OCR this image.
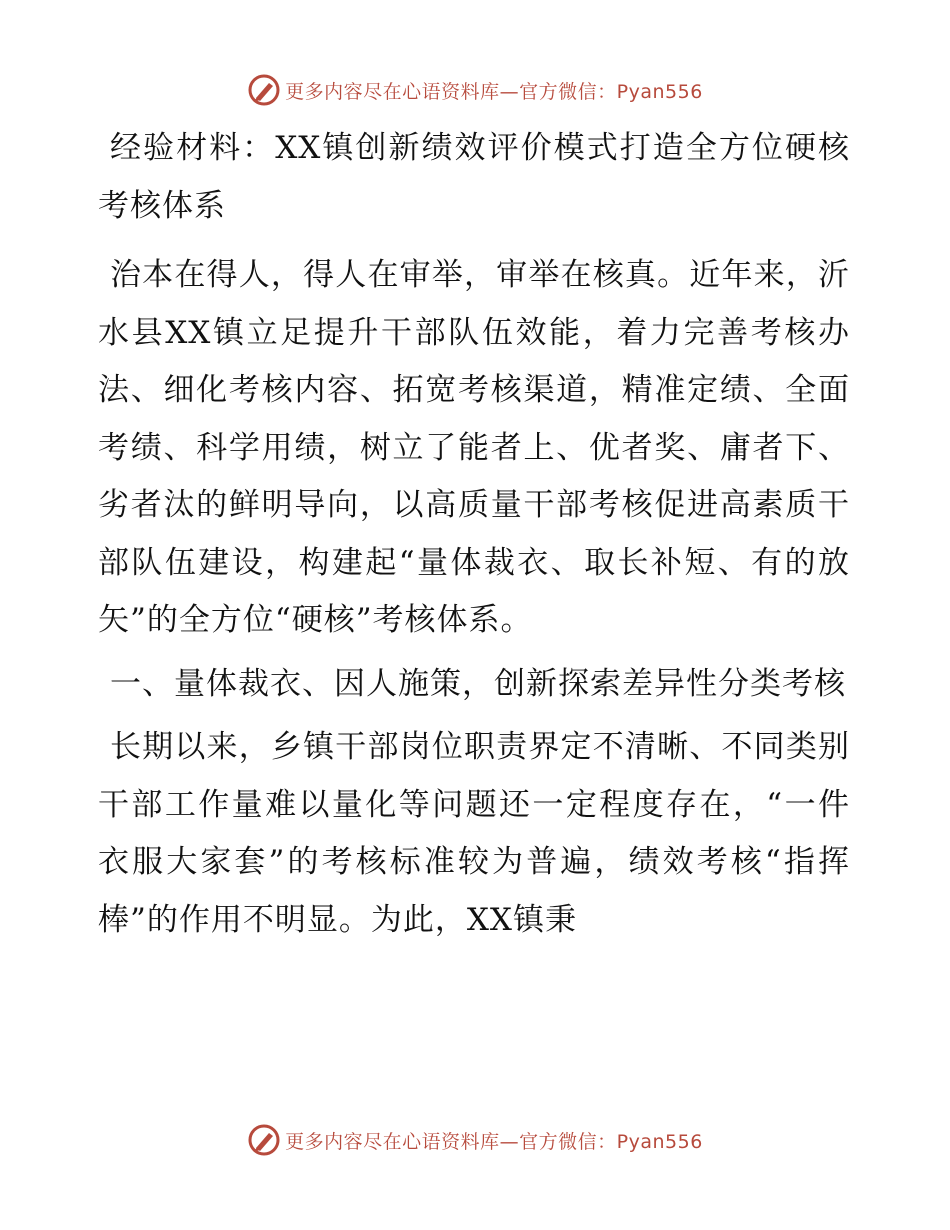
更多内容尽在心语资料库—官方微信：Pyan556

经验材料：XX镇创新绩效评价模式打造全方位硬核考核体系

治本在得人，得人在审举，审举在核真。近年来，沂水县XX镇立足提升干部队伍效能，着力完善考核办法、细化考核内容、拓宽考核渠道，精准定绩、全面考绩、科学用绩，树立了能者上、优者奖、庸者下、劣者汰的鲜明导向，以高质量干部考核促进高素质干部队伍建设，构建起“量体裁衣、取长补短、有的放矢”的全方位“硬核”考核体系。

一、量体裁衣、因人施策，创新探索差异性分类考核

长期以来，乡镇干部岗位职责界定不清晰、不同类别干部工作量难以量化等问题还一定程度存在，“一件衣服大家套”的考核标准较为普遍，绩效考核“指挥棒”的作用不明显。为此，XX镇秉

更多内容尽在心语资料库—官方微信：Pyan556
